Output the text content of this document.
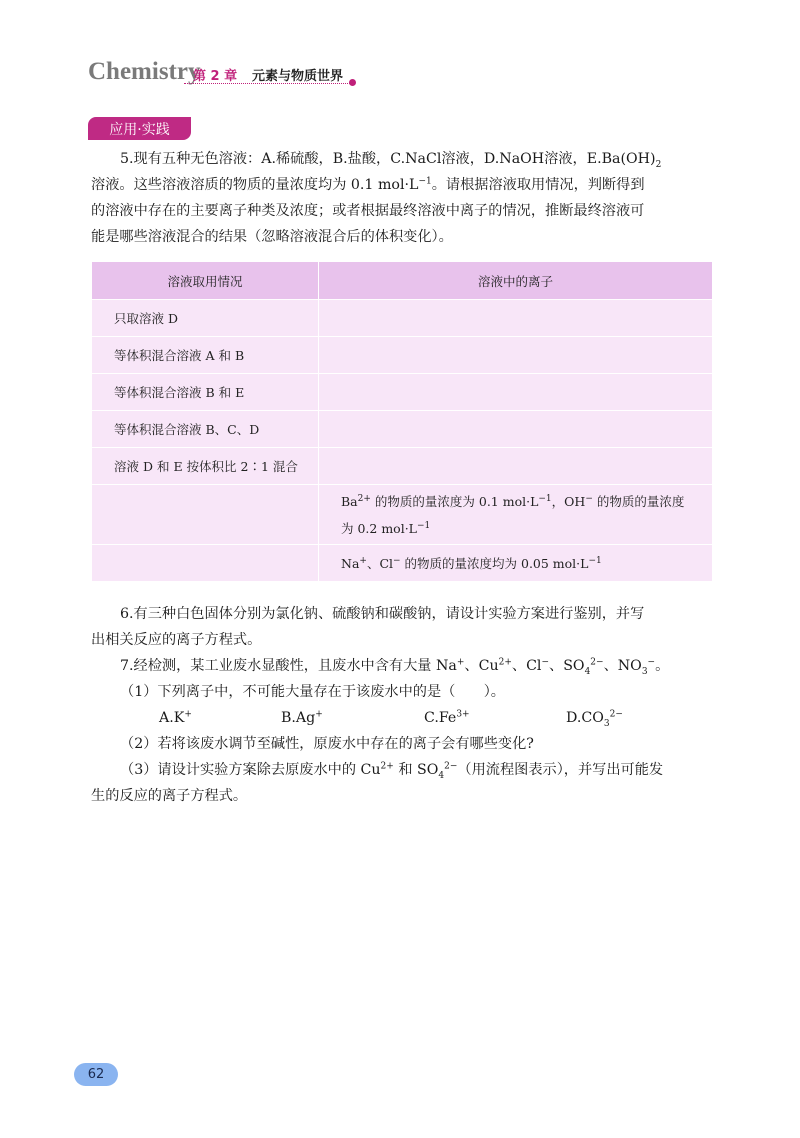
Chemistry
第 2 章 元素与物质世界
应用·实践

5.现有五种无色溶液：A.稀硫酸，B.盐酸，C.NaCl溶液，D.NaOH溶液，$E.Ba(OH)_2$

溶液。这些溶液溶质的物质的量浓度均为 0.1 $mol\cdot L^{-1}$。请根据溶液取用情况，判断得到

的溶液中存在的主要离子种类及浓度；或者根据最终溶液中离子的情况，推断最终溶液可

能是哪些溶液混合的结果（忽略溶液混合后的体积变化）。

溶液取用情况	溶液中的离子
只取溶液 D	
等体积混合溶液 A 和 B	
等体积混合溶液 B 和 E	
等体积混合溶液 B、C、D	
溶液 D 和 E 按体积比 2∶1 混合	

	$Ba^{2+}$ 的物质的量浓度为 0.1 $mol\cdot L^{-1}$，OH− 的物质的量浓度
为 0.2 $mol\cdot L^{-1}$

	Na+、Cl− 的物质的量浓度均为 0.05 $mol\cdot L^{-1}$

6.有三种白色固体分别为氯化钠、硫酸钠和碳酸钠，请设计实验方案进行鉴别，并写

出相关反应的离子方程式。

7.经检测，某工业废水显酸性，且废水中含有大量 Na+、$Cu^{2+}$、Cl−、$SO_4^{2-}$、$NO_3^-$。

（1）下列离子中，不可能大量存在于该废水中的是（　　）。

A.K+	B.Ag+	$C.Fe^{3+}$	$D.CO_3^{2-}$

（2）若将该废水调节至碱性，原废水中存在的离子会有哪些变化?

（3）请设计实验方案除去原废水中的 $Cu^{2+}$ 和 $SO_4^{2-}$（用流程图表示），并写出可能发

生的反应的离子方程式。

62
